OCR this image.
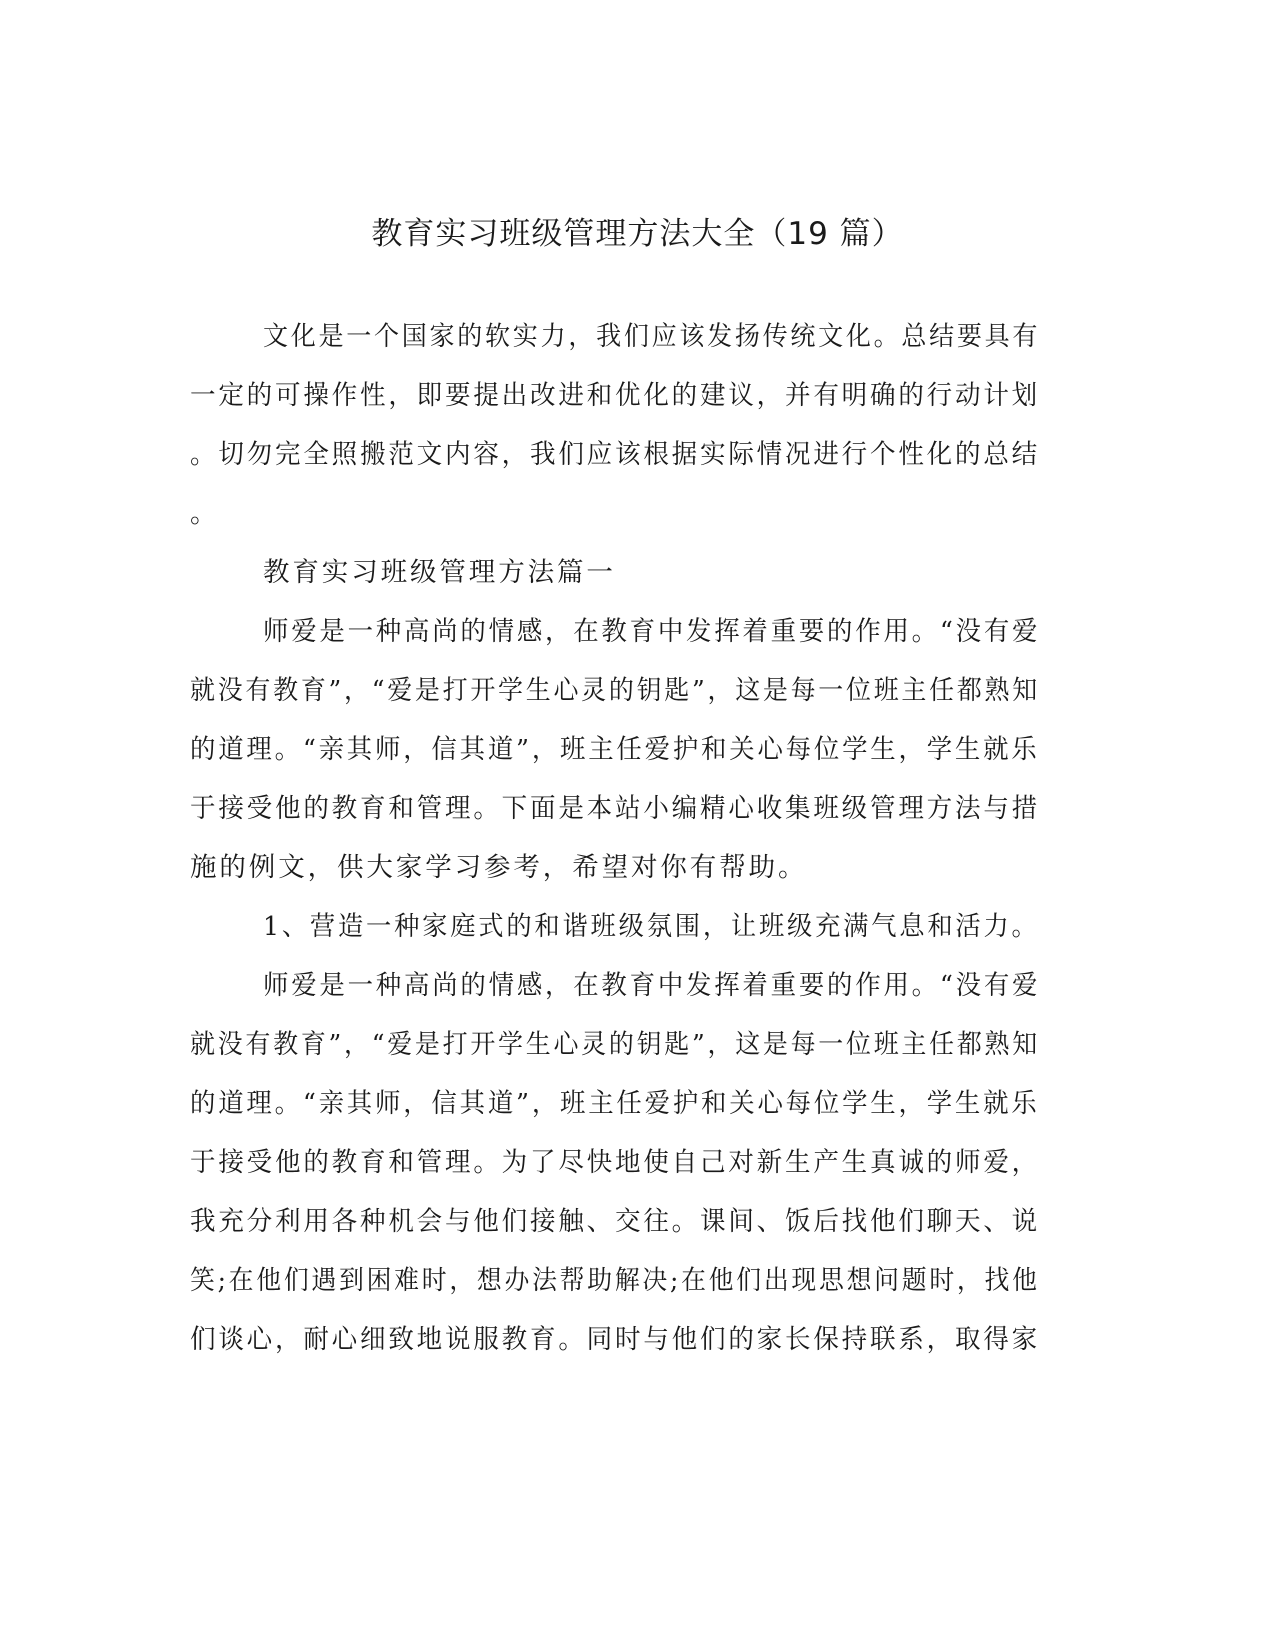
教育实习班级管理方法大全（19 篇）

文化是一个国家的软实力，我们应该发扬传统文化。总结要具有

一定的可操作性，即要提出改进和优化的建议，并有明确的行动计划

。切勿完全照搬范文内容，我们应该根据实际情况进行个性化的总结

。

教育实习班级管理方法篇一

师爱是一种高尚的情感，在教育中发挥着重要的作用。“没有爱

就没有教育”，“爱是打开学生心灵的钥匙”，这是每一位班主任都熟知

的道理。“亲其师，信其道”，班主任爱护和关心每位学生，学生就乐

于接受他的教育和管理。下面是本站小编精心收集班级管理方法与措

施的例文，供大家学习参考，希望对你有帮助。

1、营造一种家庭式的和谐班级氛围，让班级充满气息和活力。

师爱是一种高尚的情感，在教育中发挥着重要的作用。“没有爱

就没有教育”，“爱是打开学生心灵的钥匙”，这是每一位班主任都熟知

的道理。“亲其师，信其道”，班主任爱护和关心每位学生，学生就乐

于接受他的教育和管理。为了尽快地使自己对新生产生真诚的师爱，

我充分利用各种机会与他们接触、交往。课间、饭后找他们聊天、说

笑;在他们遇到困难时，想办法帮助解决;在他们出现思想问题时，找他

们谈心，耐心细致地说服教育。同时与他们的家长保持联系，取得家
